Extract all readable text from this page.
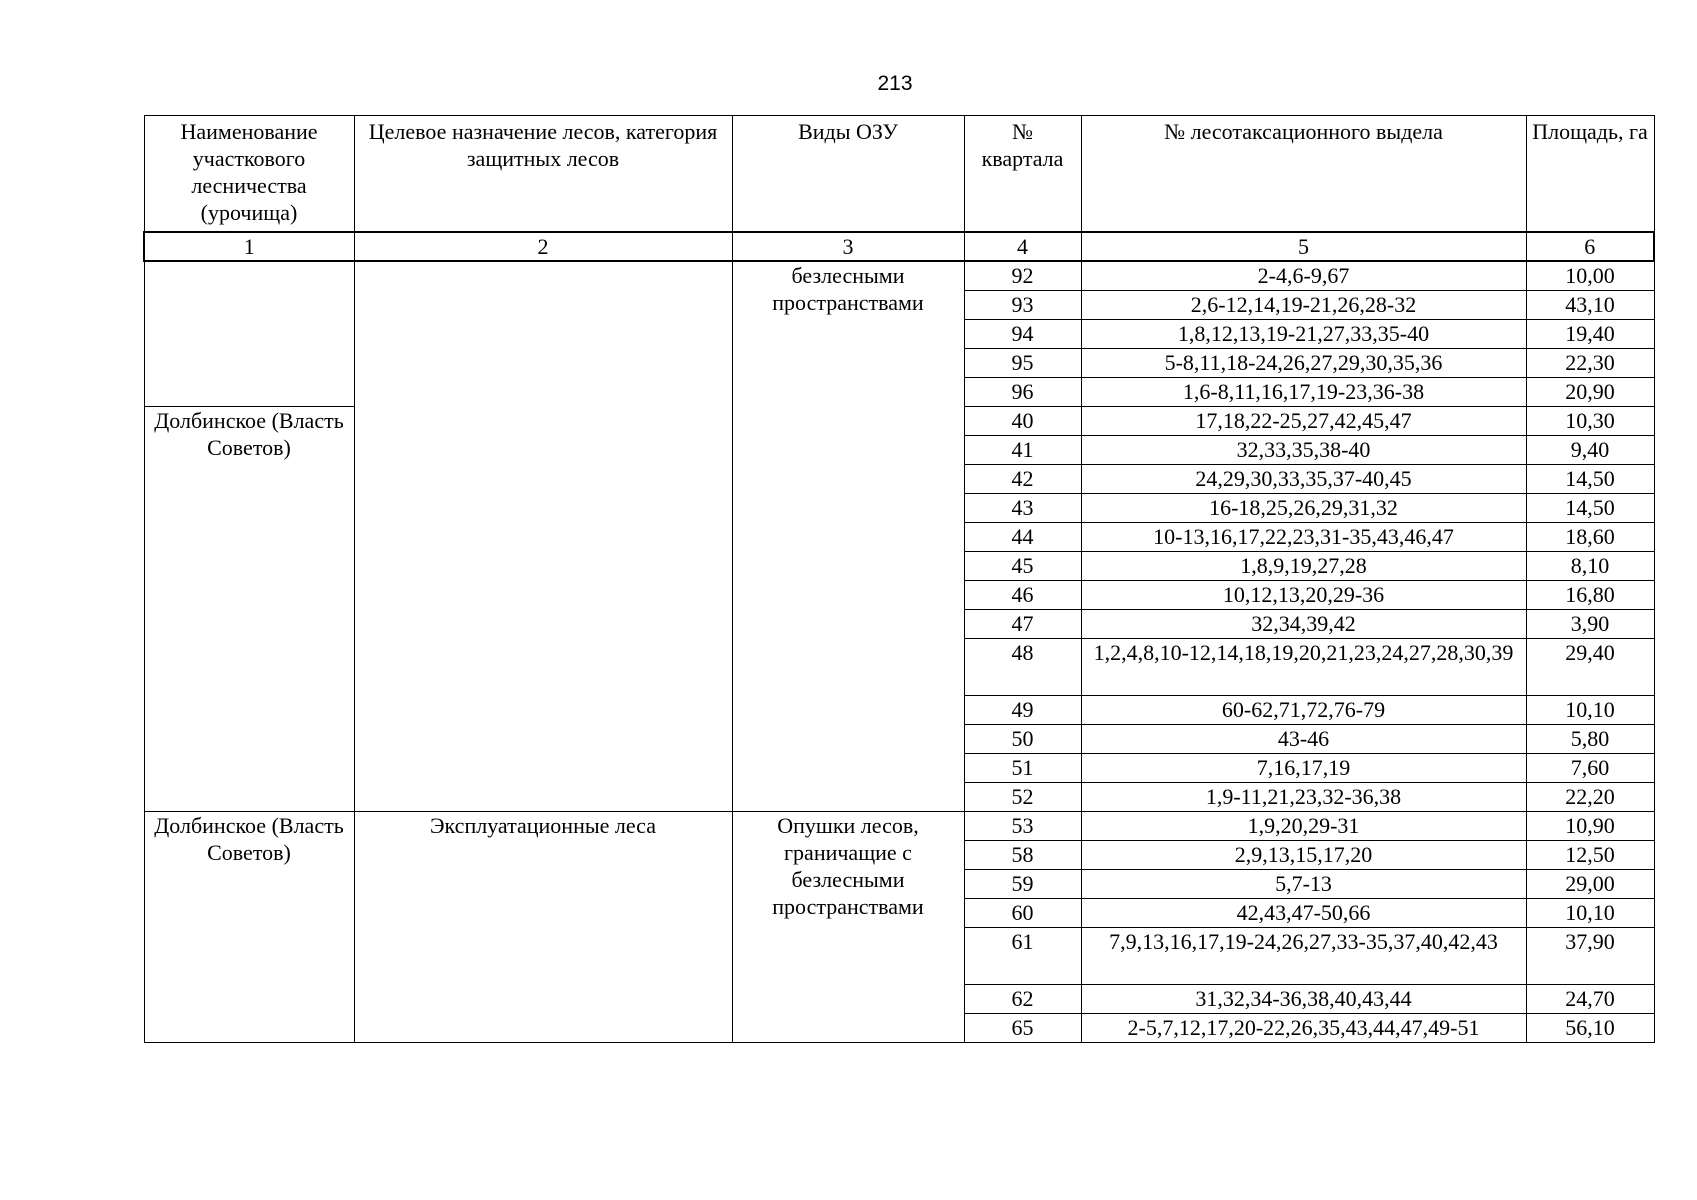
213
Наименование участкового лесничества (урочища)	Целевое назначение лесов, категория защитных лесов	Виды ОЗУ	№ квартала	№ лесотаксационного выдела	Площадь, га
1	2	3	4	5	6
		безлесными пространствами	92	2-4,6-9,67	10,00
			93	2,6-12,14,19-21,26,28-32	43,10
			94	1,8,12,13,19-21,27,33,35-40	19,40
			95	5-8,11,18-24,26,27,29,30,35,36	22,30
			96	1,6-8,11,16,17,19-23,36-38	20,90
Долбинское (Власть Советов)			40	17,18,22-25,27,42,45,47	10,30
			41	32,33,35,38-40	9,40
			42	24,29,30,33,35,37-40,45	14,50
			43	16-18,25,26,29,31,32	14,50
			44	10-13,16,17,22,23,31-35,43,46,47	18,60
			45	1,8,9,19,27,28	8,10
			46	10,12,13,20,29-36	16,80
			47	32,34,39,42	3,90
			48	1,2,4,8,10-12,14,18,19,20,21,23,24,27,28,30,39	29,40
			49	60-62,71,72,76-79	10,10
			50	43-46	5,80
			51	7,16,17,19	7,60
			52	1,9-11,21,23,32-36,38	22,20
Долбинское (Власть Советов)	Эксплуатационные леса	Опушки лесов, граничащие с безлесными пространствами	53	1,9,20,29-31	10,90
			58	2,9,13,15,17,20	12,50
			59	5,7-13	29,00
			60	42,43,47-50,66	10,10
			61	7,9,13,16,17,19-24,26,27,33-35,37,40,42,43	37,90
			62	31,32,34-36,38,40,43,44	24,70
			65	2-5,7,12,17,20-22,26,35,43,44,47,49-51	56,10
